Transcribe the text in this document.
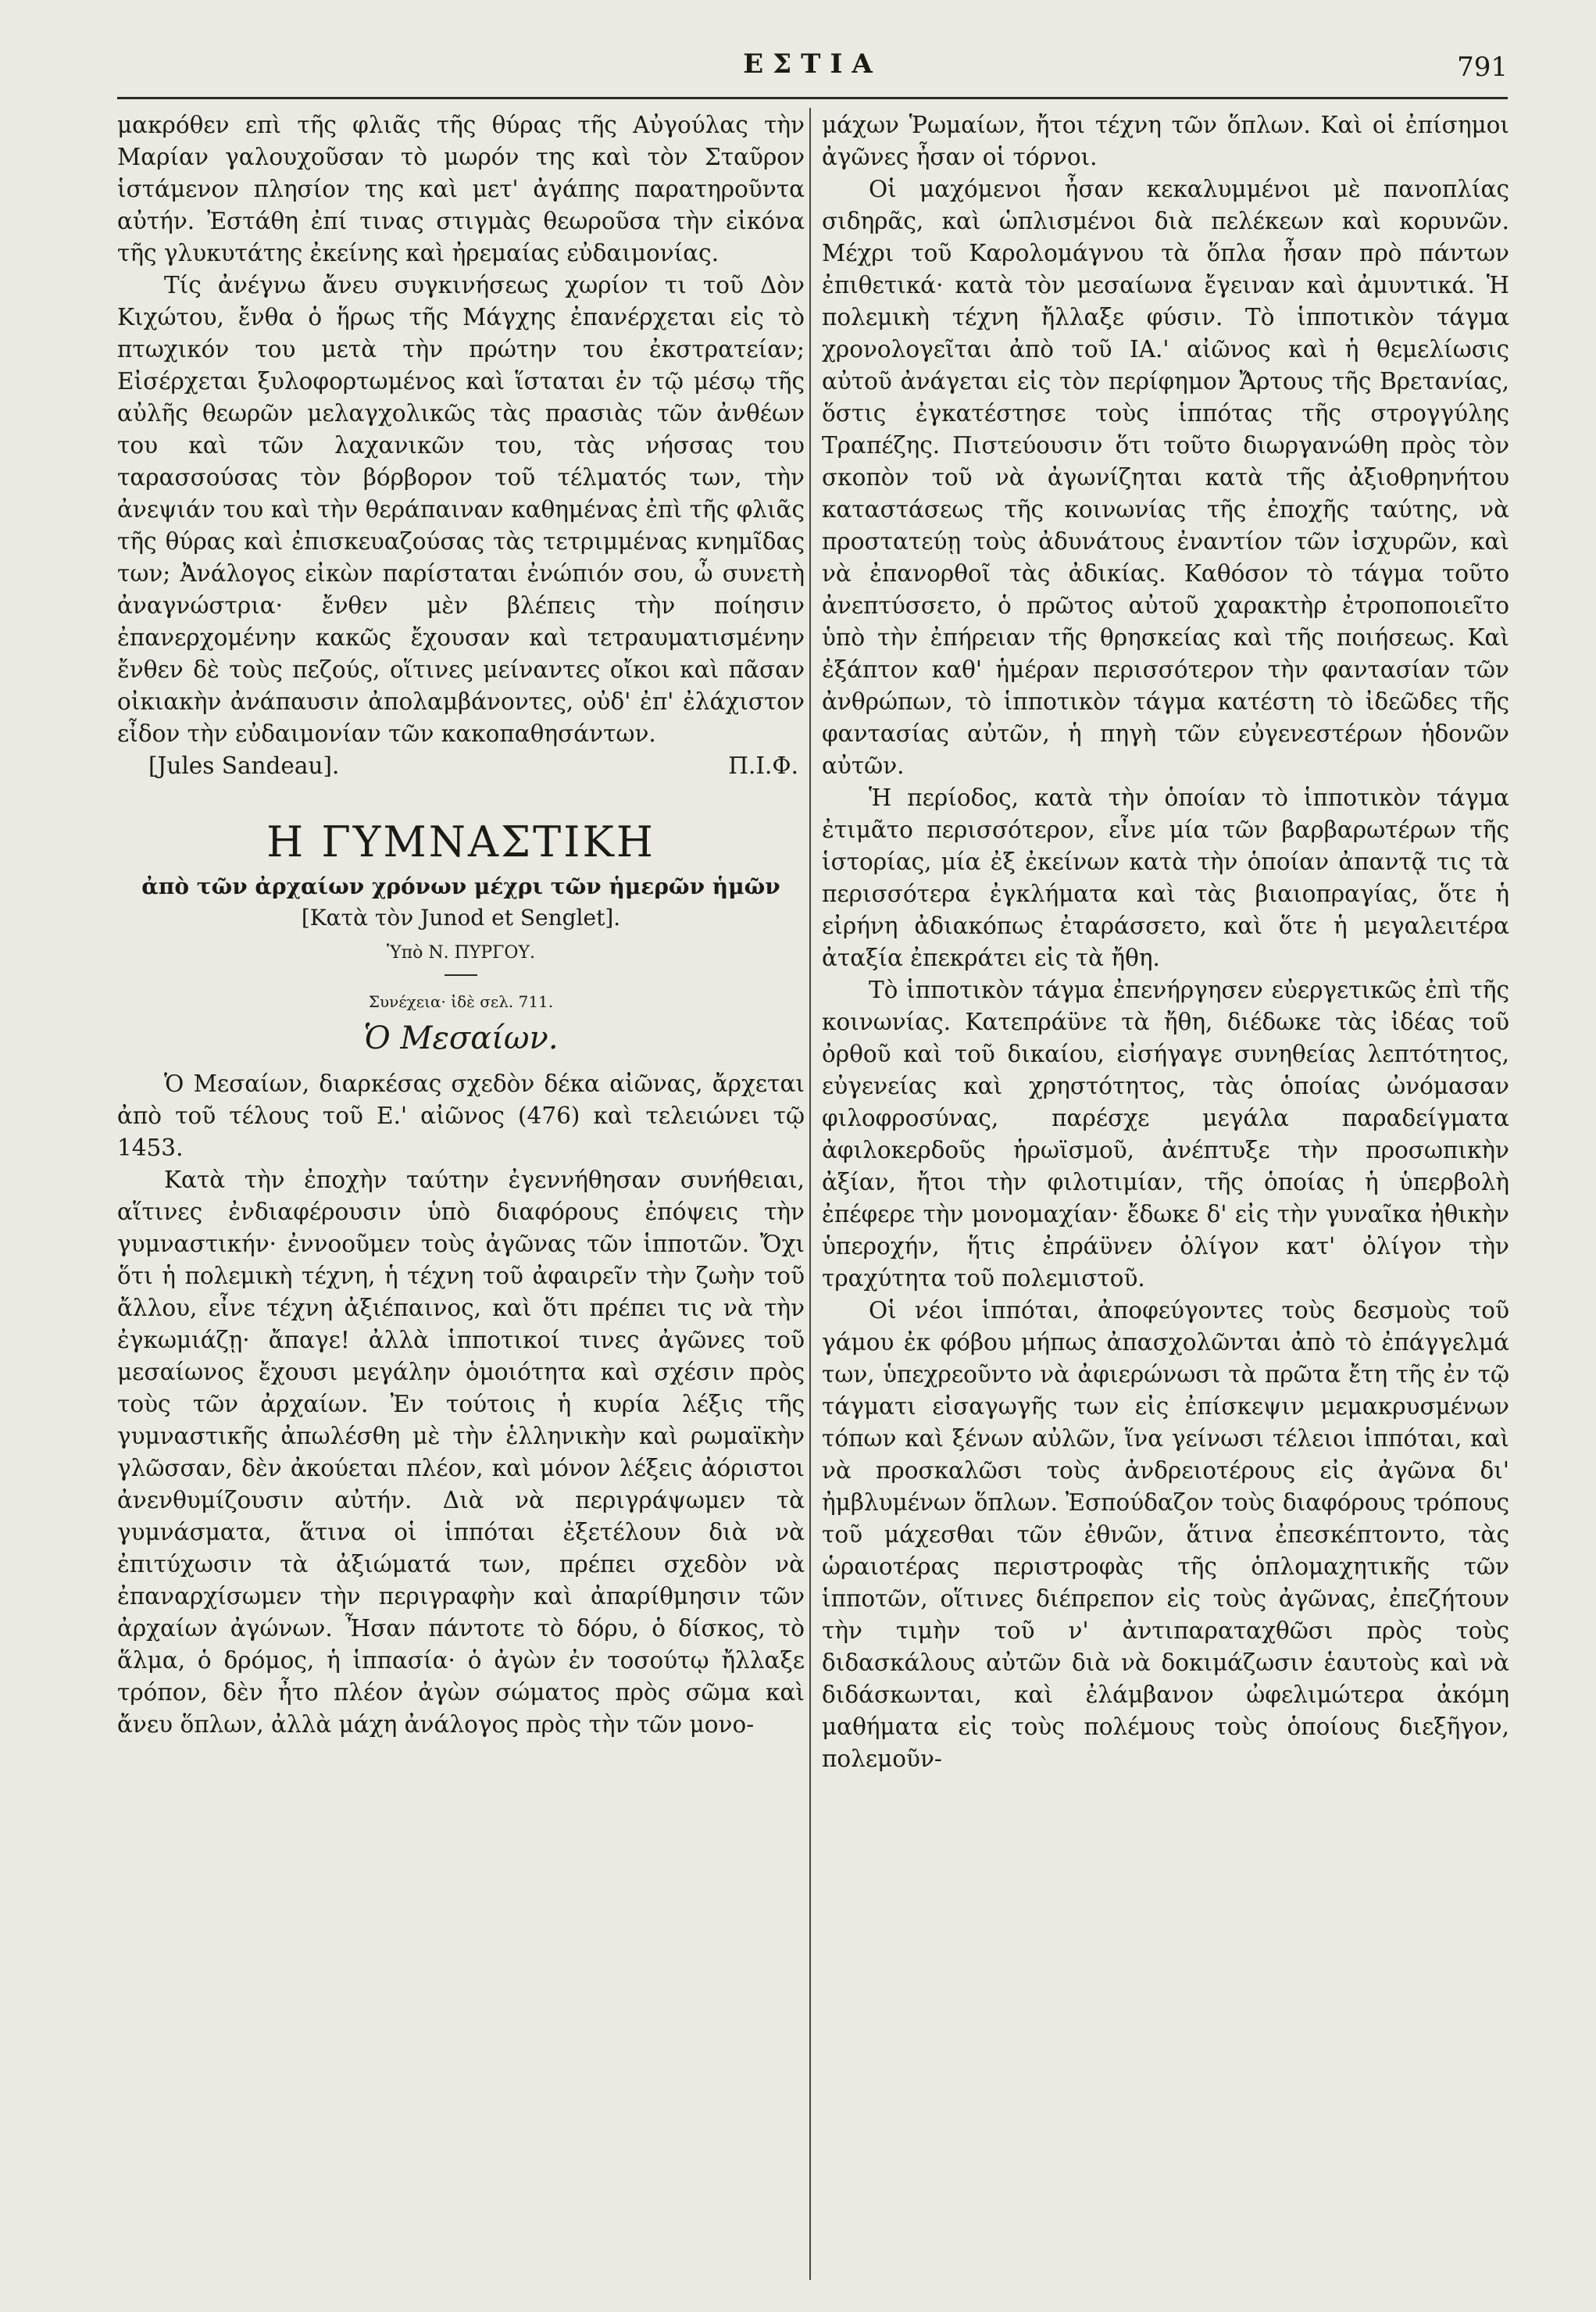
ΕΣΤΙΑ	791

μακρόθεν επὶ τῆς φλιᾶς τῆς θύρας τῆς Αὐγούλας τὴν Μαρίαν γαλουχοῦσαν τὸ μωρόν της καὶ τὸν Σταῦρον ἱστάμενον πλησίον της καὶ μετ' ἀγάπης παρατηροῦντα αὐτήν. Ἐστάθη ἐπί τινας στιγμὰς θεωροῦσα τὴν εἰκόνα τῆς γλυκυτάτης ἐκείνης καὶ ἠρεμαίας εὐδαιμονίας.

Τίς ἀνέγνω ἄνευ συγκινήσεως χωρίον τι τοῦ Δὸν Κιχώτου, ἔνθα ὁ ἥρως τῆς Μάγχης ἐπανέρχεται εἰς τὸ πτωχικόν του μετὰ τὴν πρώτην του ἐκστρατείαν; Εἰσέρχεται ξυλοφορτωμένος καὶ ἵσταται ἐν τῷ μέσῳ τῆς αὐλῆς θεωρῶν μελαγχολικῶς τὰς πρασιὰς τῶν ἀνθέων του καὶ τῶν λαχανικῶν του, τὰς νήσσας του ταρασσούσας τὸν βόρβορον τοῦ τέλματός των, τὴν ἀνεψιάν του καὶ τὴν θεράπαιναν καθημένας ἐπὶ τῆς φλιᾶς τῆς θύρας καὶ ἐπισκευαζούσας τὰς τετριμμένας κνημῖδας των; Ἀνάλογος εἰκὼν παρίσταται ἐνώπιόν σου, ὦ συνετὴ ἀναγνώστρια· ἔνθεν μὲν βλέπεις τὴν ποίησιν ἐπανερχομένην κακῶς ἔχουσαν καὶ τετραυματισμένην ἔνθεν δὲ τοὺς πεζούς, οἵτινες μείναντες οἴκοι καὶ πᾶσαν οἰκιακὴν ἀνάπαυσιν ἀπολαμβάνοντες, οὐδ' ἐπ' ἐλάχιστον εἶδον τὴν εὐδαιμονίαν τῶν κακοπαθησάντων.

[Jules Sandeau].	Π.Ι.Φ.
Η ΓΥΜΝΑΣΤΙΚΗ

ἀπὸ τῶν ἀρχαίων χρόνων μέχρι τῶν ἡμερῶν ἡμῶν

[Κατὰ τὸν Junod et Senglet].

Ὑπὸ Ν. ΠΥΡΓΟΥ.

Συνέχεια· ἰδὲ σελ. 711.

Ὁ Μεσαίων.

Ὁ Μεσαίων, διαρκέσας σχεδὸν δέκα αἰῶνας, ἄρχεται ἀπὸ τοῦ τέλους τοῦ Ε.' αἰῶνος (476) καὶ τελειώνει τῷ 1453.

Κατὰ τὴν ἐποχὴν ταύτην ἐγεννήθησαν συνήθειαι, αἵτινες ἐνδιαφέρουσιν ὑπὸ διαφόρους ἐπόψεις τὴν γυμναστικήν· ἐννοοῦμεν τοὺς ἀγῶνας τῶν ἱπποτῶν. Ὄχι ὅτι ἡ πολεμικὴ τέχνη, ἡ τέχνη τοῦ ἀφαιρεῖν τὴν ζωὴν τοῦ ἄλλου, εἶνε τέχνη ἀξιέπαινος, καὶ ὅτι πρέπει τις νὰ τὴν ἐγκωμιάζῃ· ἄπαγε! ἀλλὰ ἱπποτικοί τινες ἀγῶνες τοῦ μεσαίωνος ἔχουσι μεγάλην ὁμοιότητα καὶ σχέσιν πρὸς τοὺς τῶν ἀρχαίων. Ἐν τούτοις ἡ κυρία λέξις τῆς γυμναστικῆς ἀπωλέσθη μὲ τὴν ἑλληνικὴν καὶ ρωμαϊκὴν γλῶσσαν, δὲν ἀκούεται πλέον, καὶ μόνον λέξεις ἀόριστοι ἀνενθυμίζουσιν αὐτήν. Διὰ νὰ περιγράψωμεν τὰ γυμνάσματα, ἅτινα οἱ ἱππόται ἐξετέλουν διὰ νὰ ἐπιτύχωσιν τὰ ἀξιώματά των, πρέπει σχεδὸν νὰ ἐπαναρχίσωμεν τὴν περιγραφὴν καὶ ἀπαρίθμησιν τῶν ἀρχαίων ἀγώνων. Ἦσαν πάντοτε τὸ δόρυ, ὁ δίσκος, τὸ ἅλμα, ὁ δρόμος, ἡ ἱππασία· ὁ ἀγὼν ἐν τοσούτῳ ἤλλαξε τρόπον, δὲν ἦτο πλέον ἀγὼν σώματος πρὸς σῶμα καὶ ἄνευ ὅπλων, ἀλλὰ μάχη ἀνάλογος πρὸς τὴν τῶν μονο-

μάχων Ῥωμαίων, ἤτοι τέχνη τῶν ὅπλων. Καὶ οἱ ἐπίσημοι ἀγῶνες ἦσαν οἱ τόρνοι.

Οἱ μαχόμενοι ἦσαν κεκαλυμμένοι μὲ πανοπλίας σιδηρᾶς, καὶ ὡπλισμένοι διὰ πελέκεων καὶ κορυνῶν. Μέχρι τοῦ Καρολομάγνου τὰ ὅπλα ἦσαν πρὸ πάντων ἐπιθετικά· κατὰ τὸν μεσαίωνα ἔγειναν καὶ ἀμυντικά. Ἡ πολεμικὴ τέχνη ἤλλαξε φύσιν. Τὸ ἱπποτικὸν τάγμα χρονολογεῖται ἀπὸ τοῦ ΙΑ.' αἰῶνος καὶ ἡ θεμελίωσις αὐτοῦ ἀνάγεται εἰς τὸν περίφημον Ἄρτους τῆς Βρετανίας, ὅστις ἐγκατέστησε τοὺς ἱππότας τῆς στρογγύλης Τραπέζης. Πιστεύουσιν ὅτι τοῦτο διωργανώθη πρὸς τὸν σκοπὸν τοῦ νὰ ἀγωνίζηται κατὰ τῆς ἀξιοθρηνήτου καταστάσεως τῆς κοινωνίας τῆς ἐποχῆς ταύτης, νὰ προστατεύῃ τοὺς ἀδυνάτους ἐναντίον τῶν ἰσχυρῶν, καὶ νὰ ἐπανορθοῖ τὰς ἀδικίας. Καθόσον τὸ τάγμα τοῦτο ἀνεπτύσσετο, ὁ πρῶτος αὐτοῦ χαρακτὴρ ἐτροποποιεῖτο ὑπὸ τὴν ἐπήρειαν τῆς θρησκείας καὶ τῆς ποιήσεως. Καὶ ἐξάπτον καθ' ἡμέραν περισσότερον τὴν φαντασίαν τῶν ἀνθρώπων, τὸ ἱπποτικὸν τάγμα κατέστη τὸ ἰδεῶδες τῆς φαντασίας αὐτῶν, ἡ πηγὴ τῶν εὐγενεστέρων ἡδονῶν αὐτῶν.

Ἡ περίοδος, κατὰ τὴν ὁποίαν τὸ ἱπποτικὸν τάγμα ἐτιμᾶτο περισσότερον, εἶνε μία τῶν βαρβαρωτέρων τῆς ἱστορίας, μία ἐξ ἐκείνων κατὰ τὴν ὁποίαν ἀπαντᾷ τις τὰ περισσότερα ἐγκλήματα καὶ τὰς βιαιοπραγίας, ὅτε ἡ εἰρήνη ἀδιακόπως ἐταράσσετο, καὶ ὅτε ἡ μεγαλειτέρα ἀταξία ἐπεκράτει εἰς τὰ ἤθη.

Τὸ ἱπποτικὸν τάγμα ἐπενήργησεν εὐεργετικῶς ἐπὶ τῆς κοινωνίας. Κατεπράϋνε τὰ ἤθη, διέδωκε τὰς ἰδέας τοῦ ὀρθοῦ καὶ τοῦ δικαίου, εἰσήγαγε συνηθείας λεπτότητος, εὐγενείας καὶ χρηστότητος, τὰς ὁποίας ὠνόμασαν φιλοφροσύνας, παρέσχε μεγάλα παραδείγματα ἀφιλοκερδοῦς ἡρωϊσμοῦ, ἀνέπτυξε τὴν προσωπικὴν ἀξίαν, ἤτοι τὴν φιλοτιμίαν, τῆς ὁποίας ἡ ὑπερβολὴ ἐπέφερε τὴν μονομαχίαν· ἔδωκε δ' εἰς τὴν γυναῖκα ἠθικὴν ὑπεροχήν, ἥτις ἐπράϋνεν ὀλίγον κατ' ὀλίγον τὴν τραχύτητα τοῦ πολεμιστοῦ.

Οἱ νέοι ἱππόται, ἀποφεύγοντες τοὺς δεσμοὺς τοῦ γάμου ἐκ φόβου μήπως ἀπασχολῶνται ἀπὸ τὸ ἐπάγγελμά των, ὑπεχρεοῦντο νὰ ἀφιερώνωσι τὰ πρῶτα ἔτη τῆς ἐν τῷ τάγματι εἰσαγωγῆς των εἰς ἐπίσκεψιν μεμακρυσμένων τόπων καὶ ξένων αὐλῶν, ἵνα γείνωσι τέλειοι ἱππόται, καὶ νὰ προσκαλῶσι τοὺς ἀνδρειοτέρους εἰς ἀγῶνα δι' ἠμβλυμένων ὅπλων. Ἐσπούδαζον τοὺς διαφόρους τρόπους τοῦ μάχεσθαι τῶν ἐθνῶν, ἅτινα ἐπεσκέπτοντο, τὰς ὡραιοτέρας περιστροφὰς τῆς ὁπλομαχητικῆς τῶν ἱπποτῶν, οἵτινες διέπρεπον εἰς τοὺς ἀγῶνας, ἐπεζήτουν τὴν τιμὴν τοῦ ν' ἀντιπαραταχθῶσι πρὸς τοὺς διδασκάλους αὐτῶν διὰ νὰ δοκιμάζωσιν ἑαυτοὺς καὶ νὰ διδάσκωνται, καὶ ἐλάμβανον ὠφελιμώτερα ἀκόμη μαθήματα εἰς τοὺς πολέμους τοὺς ὁποίους διεξῆγον, πολεμοῦν-
